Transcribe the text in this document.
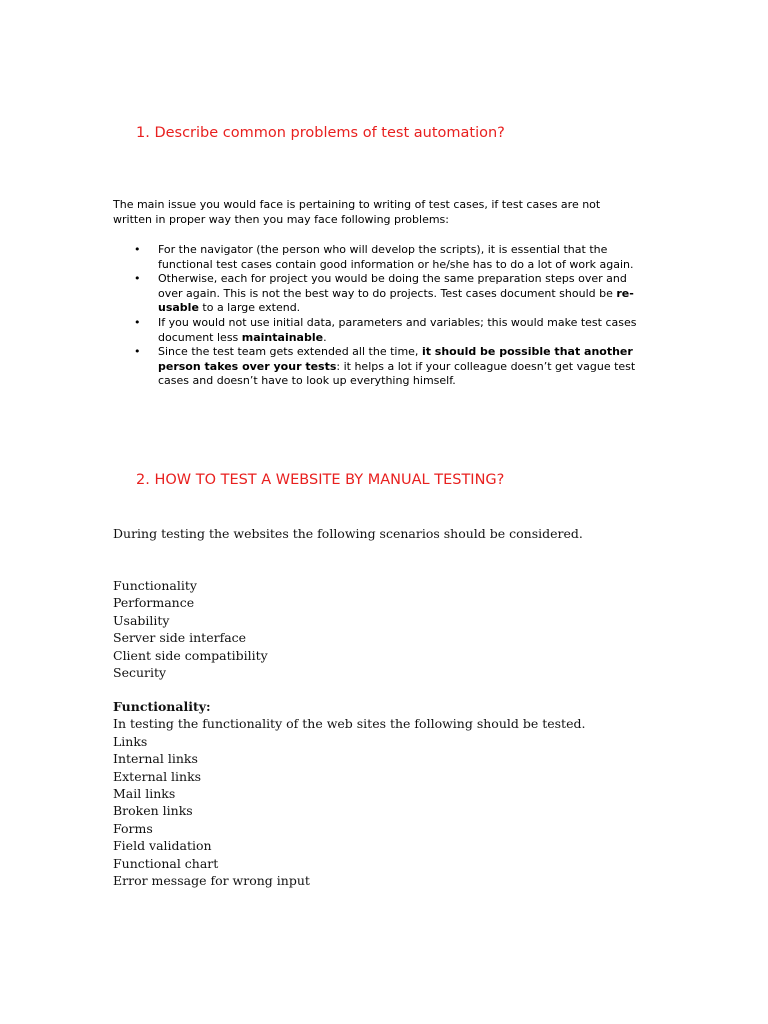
1. Describe common problems of test automation?

The main issue you would face is pertaining to writing of test cases, if test cases are not written in proper way then you may face following problems:

• For the navigator (the person who will develop the scripts), it is essential that the functional test cases contain good information or he/she has to do a lot of work again.
• Otherwise, each for project you would be doing the same preparation steps over and over again. This is not the best way to do projects. Test cases document should be re-usable to a large extend.
• If you would not use initial data, parameters and variables; this would make test cases document less maintainable.
• Since the test team gets extended all the time, it should be possible that another person takes over your tests: it helps a lot if your colleague doesn’t get vague test cases and doesn’t have to look up everything himself.
2. HOW TO TEST A WEBSITE BY MANUAL TESTING?

During testing the websites the following scenarios should be considered.

Functionality
Performance
Usability
Server side interface
Client side compatibility
Security
Functionality:
In testing the functionality of the web sites the following should be tested.
Links
Internal links
External links
Mail links
Broken links
Forms
Field validation
Functional chart
Error message for wrong input
